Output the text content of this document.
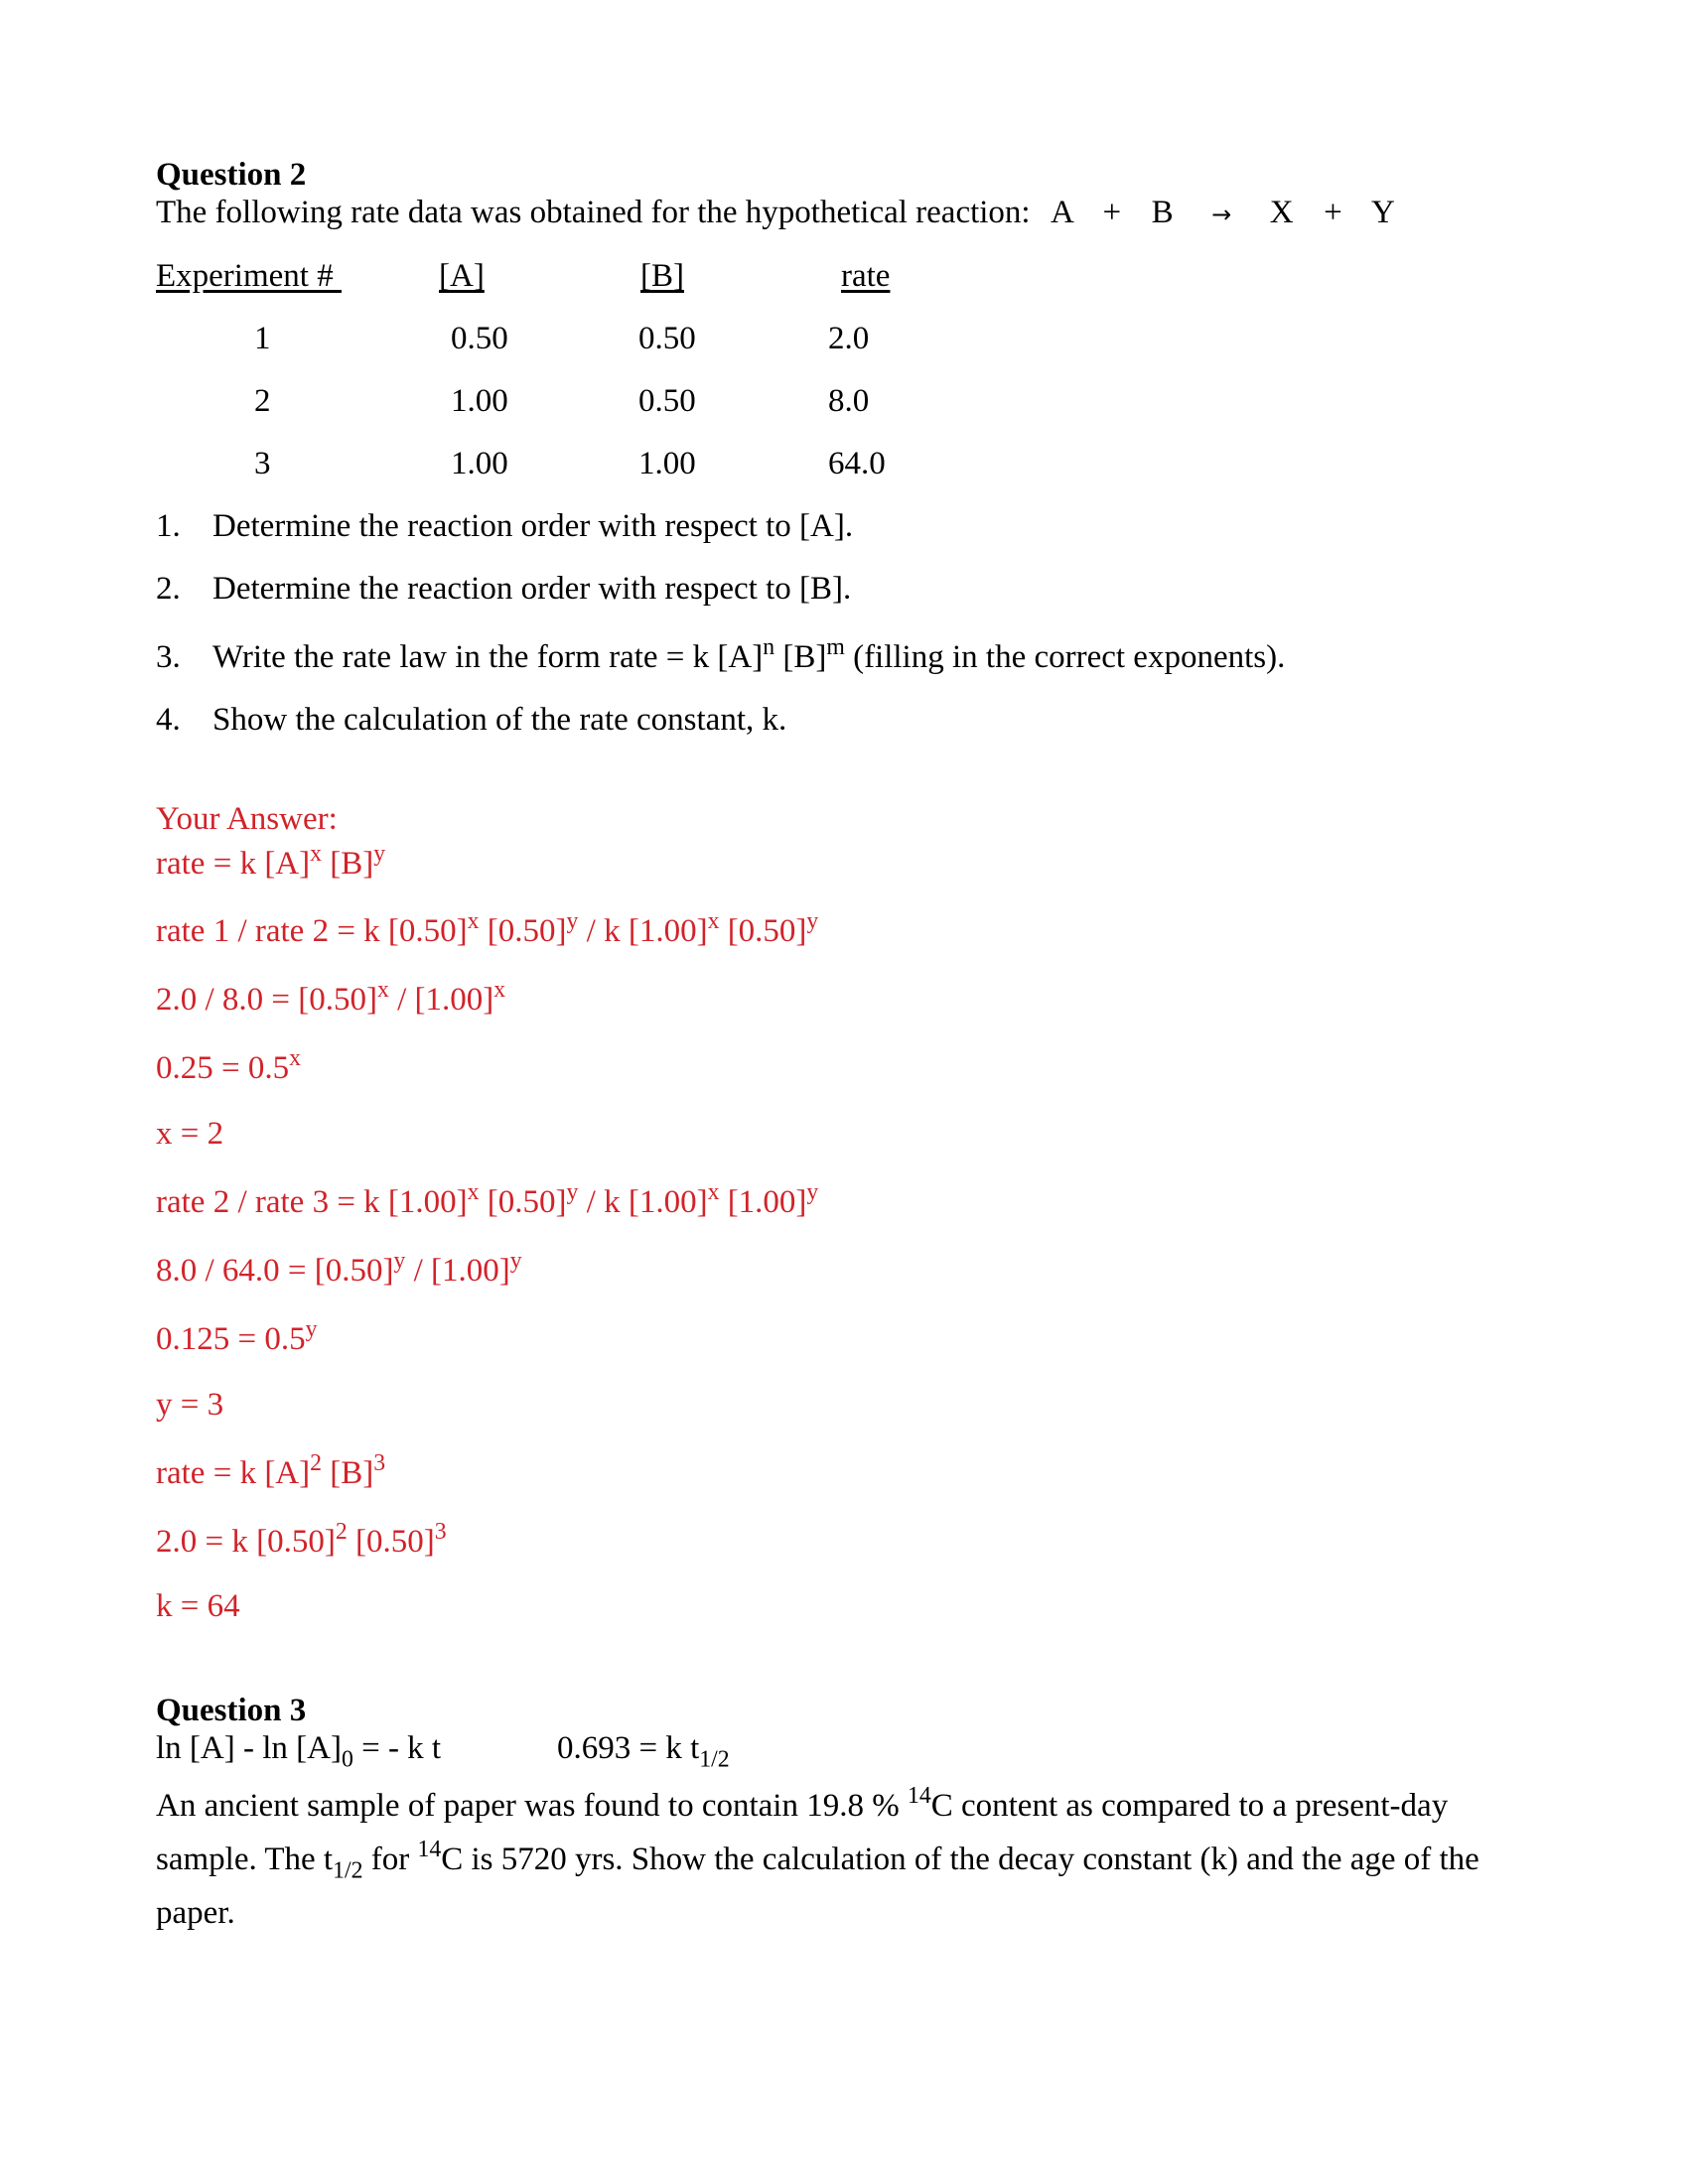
Question 2
The following rate data was obtained for the hypothetical reaction: A + B → X + Y
Experiment #	[A]	[B]	rate
1	0.50	0.50	2.0
2	1.00	0.50	8.0
3	1.00	1.00	64.0
1. Determine the reaction order with respect to [A].
2. Determine the reaction order with respect to [B].
3. Write the rate law in the form rate = k $[A]^n$ $[B]^m$ (filling in the correct exponents).
4. Show the calculation of the rate constant, k.
Your Answer:
rate = k $[A]^x$ $[B]^y$
rate 1 / rate 2 = k $[0.50]^x$ $[0.50]^y$ / k $[1.00]^x$ $[0.50]^y$
$2.0 / 8.0 = [0.50]^x / [1.00]^x$
$0.25 = 0.5^x$
x = 2
rate 2 / rate 3 = k $[1.00]^x$ $[0.50]^y$ / k $[1.00]^x$ $[1.00]^y$
$8.0 / 64.0 = [0.50]^y / [1.00]^y$
$0.125 = 0.5^y$
y = 3
rate = k $[A]^2$ $[B]^3$
2.0 = k $[0.50]^2$ $[0.50]^3$
k = 64
Question 3
$\ln [A] - \ln [A]_0$ = - k t	0.693 = k $t_{1/2}$
An ancient sample of paper was found to contain 19.8 % $^{14}$C content as compared to a present-day sample. The $t_{1/2}$ for $^{14}$C is 5720 yrs. Show the calculation of the decay constant (k) and the age of the paper.
